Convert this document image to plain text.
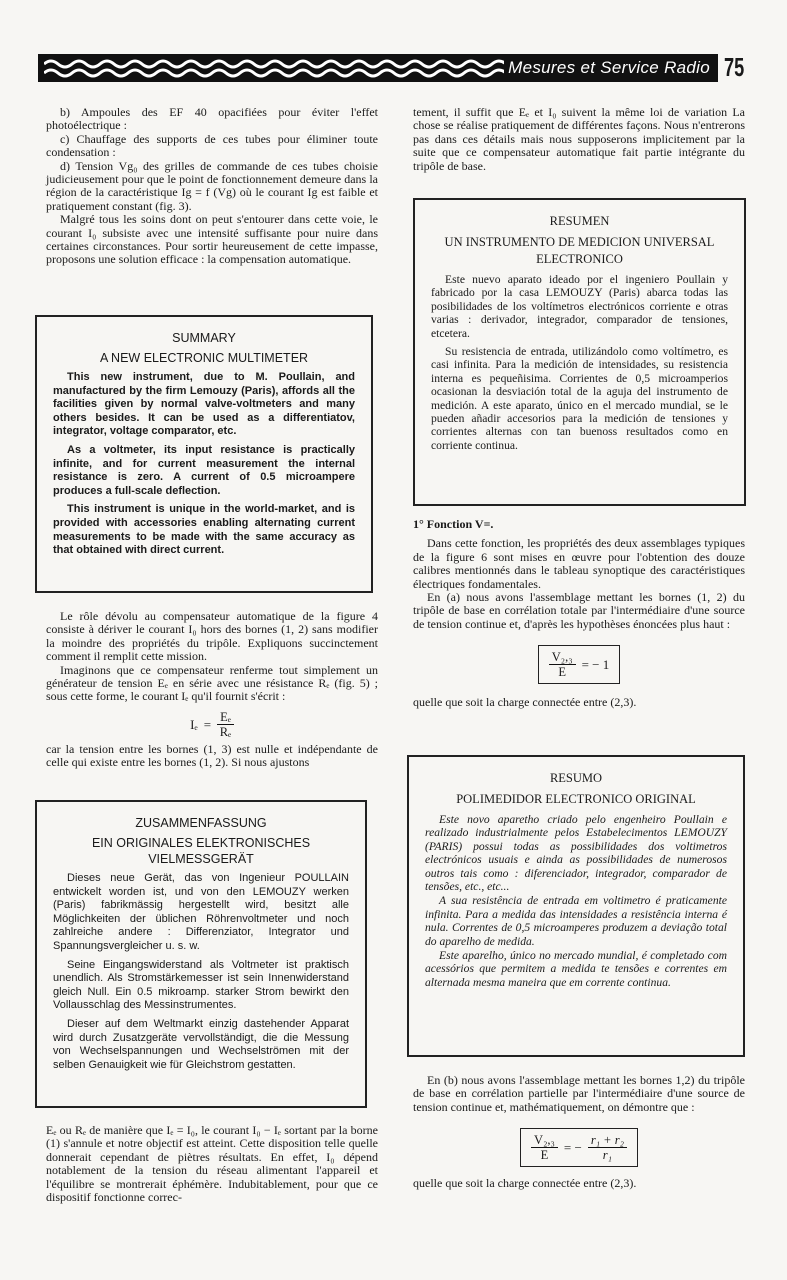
Mesures et Service Radio 75

b) Ampoules des EF 40 opacifiées pour éviter l'effet photoélectrique :

c) Chauffage des supports de ces tubes pour éliminer toute condensation :

d) Tension Vg₀ des grilles de commande de ces tubes choisie judicieusement pour que le point de fonctionnement demeure dans la région de la caractéristique Ig = f (Vg) où le courant Ig est faible et pratiquement constant (fig. 3).

Malgré tous les soins dont on peut s'entourer dans cette voie, le courant I₀ subsiste avec une intensité suffisante pour nuire dans certaines circonstances. Pour sortir heureusement de cette impasse, proposons une solution efficace : la compensation automatique.

SUMMARY
A NEW ELECTRONIC MULTIMETER

This new instrument, due to M. Poullain, and manufactured by the firm Lemouzy (Paris), affords all the facilities given by normal valve-voltmeters and many others besides. It can be used as a differentiatov, integrator, voltage comparator, etc.

As a voltmeter, its input resistance is practically infinite, and for current measurement the internal resistance is zero. A current of 0.5 microampere produces a full-scale deflection.

This instrument is unique in the world-market, and is provided with accessories enabling alternating current measurements to be made with the same accuracy as that obtained with direct current.

Le rôle dévolu au compensateur automatique de la figure 4 consiste à dériver le courant I₀ hors des bornes (1, 2) sans modifier la moindre des propriétés du tripôle. Expliquons succinctement comment il remplit cette mission.

Imaginons que ce compensateur renferme tout simplement un générateur de tension Eₑ en série avec une résistance Rₑ (fig. 5) ; sous cette forme, le courant Iₑ qu'il fournit s'écrit :

$I_e = \frac{\text{Eₑ}}{\text{Rₑ}}$

car la tension entre les bornes (1, 3) est nulle et indépendante de celle qui existe entre les bornes (1, 2). Si nous ajustons

ZUSAMMENFASSUNG
EIN ORIGINALES ELEKTRONISCHES
VIELMESSGERÄT

Dieses neue Gerät, das von Ingenieur POULLAIN entwickelt worden ist, und von den LEMOUZY werken (Paris) fabrikmässig hergestellt wird, besitzt alle Möglichkeiten der üblichen Röhrenvoltmeter und noch zahlreiche andere : Differenziator, Integrator und Spannungsvergleicher u. s. w.

Seine Eingangswiderstand als Voltmeter ist praktisch unendlich. Als Stromstärkemesser ist sein Innenwiderstand gleich Null. Ein 0.5 mikroamp. starker Strom bewirkt den Vollausschlag des Messinstrumentes.

Dieser auf dem Weltmarkt einzig dastehender Apparat wird durch Zusatzgeräte vervollständigt, die die Messung von Wechselspannungen und Wechselströmen mit der selben Genauigkeit wie für Gleichstrom gestatten.

Eₑ ou Rₑ de manière que Iₑ = I₀, le courant I₀ − Iₑ sortant par la borne (1) s'annule et notre objectif est atteint. Cette disposition telle quelle donnerait cependant de piètres résultats. En effet, I₀ dépend notablement de la tension du réseau alimentant l'appareil et l'équilibre se montrerait éphémère. Indubitablement, pour que ce dispositif fonctionne correc-

tement, il suffit que Eₑ et I₀ suivent la même loi de variation La chose se réalise pratiquement de différentes façons. Nous n'entrerons pas dans ces détails mais nous supposerons implicitement par la suite que ce compensateur automatique fait partie intégrante du tripôle de base.

RESUMEN
UN INSTRUMENTO DE MEDICION UNIVERSAL
ELECTRONICO

Este nuevo aparato ideado por el ingeniero Poullain y fabricado por la casa LEMOUZY (Paris) abarca todas las posibilidades de los voltímetros electrónicos corriente e otras varias : derivador, integrador, comparador de tensiones, etcetera.

Su resistencia de entrada, utilizándolo como voltímetro, es casi infinita. Para la medición de intensidades, su resistencia interna es pequeñisima. Corrientes de 0,5 microamperios ocasionan la desviación total de la aguja del instrumento de medición. A este aparato, único en el mercado mundial, se le pueden añadir accesorios para la medición de tensiones y corrientes alternas con tan buenoss resultados como en corriente continua.

1° Fonction V=.

Dans cette fonction, les propriétés des deux assemblages typiques de la figure 6 sont mises en œuvre pour l'obtention des douze calibres mentionnés dans le tableau synoptique des caractéristiques électriques fondamentales.

En (a) nous avons l'assemblage mettant les bornes (1, 2) du tripôle de base en corrélation totale par l'intermédiaire d'une source de tension continue et, d'après les hypothèses énoncées plus haut :

$\frac{\text{V₂,₃}}{E}$ = − 1

quelle que soit la charge connectée entre (2,3).

RESUMO
POLIMEDIDOR ELECTRONICO ORIGINAL

Este novo aparetho criado pelo engenheiro Poullain e realizado industrialmente pelos Estabelecimentos LEMOUZY (PARIS) possui todas as possibilidades dos voltimetros electrónicos usuais e ainda as possibilidades de numerosos outros tais como : diferenciador, integrador, comparador de tensões, etc., etc...

A sua resistência de entrada em voltimetro é praticamente infinita. Para a medida das intensidades a resistência interna é nula. Correntes de 0,5 microamperes produzem a deviação total do aparelho de medida.

Este aparelho, único no mercado mundial, é completado com acessórios que permitem a medida te tensões e correntes em alternada mesma maneira que em corrente continua.

En (b) nous avons l'assemblage mettant les bornes 1,2) du tripôle de base en corrélation partielle par l'intermédiaire d'une source de tension continue et, mathématiquement, on démontre que :

$\frac{\text{V₂,₃}}{E}$ = − $\frac{\text{r₁ + r₂}}{\text{r₁}}$

quelle que soit la charge connectée entre (2,3).
